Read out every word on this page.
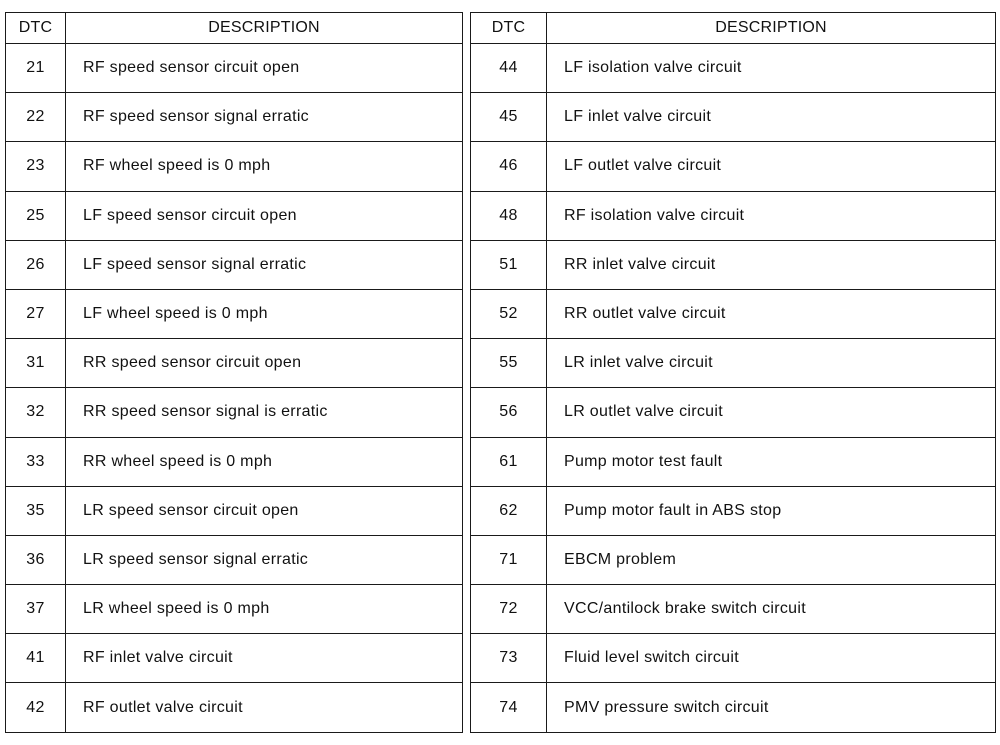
DTC	DESCRIPTION
21	RF speed sensor circuit open
22	RF speed sensor signal erratic
23	RF wheel speed is 0 mph
25	LF speed sensor circuit open
26	LF speed sensor signal erratic
27	LF wheel speed is 0 mph
31	RR speed sensor circuit open
32	RR speed sensor signal is erratic
33	RR wheel speed is 0 mph
35	LR speed sensor circuit open
36	LR speed sensor signal erratic
37	LR wheel speed is 0 mph
41	RF inlet valve circuit
42	RF outlet valve circuit
DTC	DESCRIPTION
44	LF isolation valve circuit
45	LF inlet valve circuit
46	LF outlet valve circuit
48	RF isolation valve circuit
51	RR inlet valve circuit
52	RR outlet valve circuit
55	LR inlet valve circuit
56	LR outlet valve circuit
61	Pump motor test fault
62	Pump motor fault in ABS stop
71	EBCM problem
72	VCC/antilock brake switch circuit
73	Fluid level switch circuit
74	PMV pressure switch circuit
